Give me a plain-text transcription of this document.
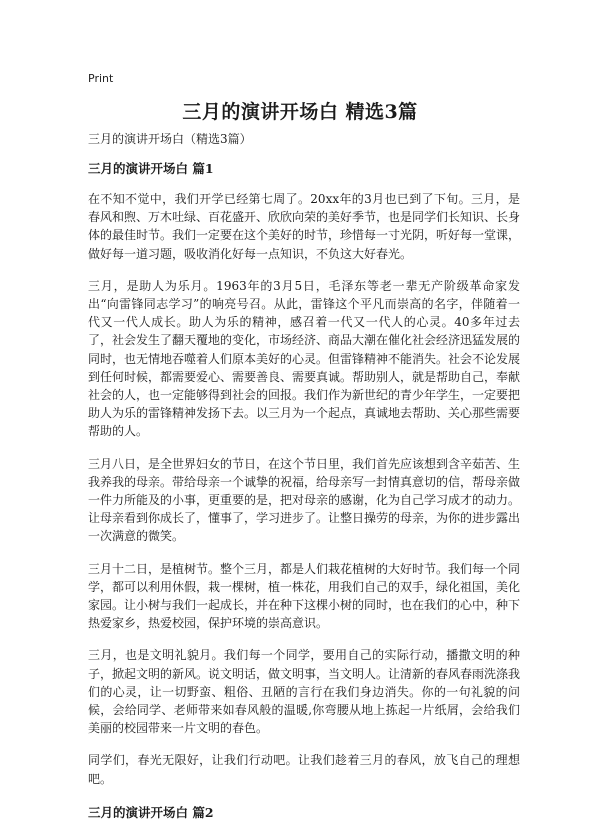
Print

三月的演讲开场白 精选3篇

三月的演讲开场白（精选3篇）

三月的演讲开场白 篇1

在不知不觉中，我们开学已经第七周了。20xx年的3月也已到了下旬。三月，是春风和煦、万木吐绿、百花盛开、欣欣向荣的美好季节，也是同学们长知识、长身体的最佳时节。我们一定要在这个美好的时节，珍惜每一寸光阴，听好每一堂课，做好每一道习题，吸收消化好每一点知识，不负这大好春光。

三月，是助人为乐月。1963年的3月5日，毛泽东等老一辈无产阶级革命家发出“向雷锋同志学习”的响亮号召。从此，雷锋这个平凡而崇高的名字，伴随着一代又一代人成长。助人为乐的精神，感召着一代又一代人的心灵。40多年过去了，社会发生了翻天覆地的变化，市场经济、商品大潮在催化社会经济迅猛发展的同时，也无情地吞噬着人们原本美好的心灵。但雷锋精神不能消失。社会不论发展到任何时候，都需要爱心、需要善良、需要真诚。帮助别人，就是帮助自己，奉献社会的人，也一定能够得到社会的回报。我们作为新世纪的青少年学生，一定要把助人为乐的雷锋精神发扬下去。以三月为一个起点，真诚地去帮助、关心那些需要帮助的人。

三月八日，是全世界妇女的节日，在这个节日里，我们首先应该想到含辛茹苦、生我养我的母亲。带给母亲一个诚挚的祝福，给母亲写一封情真意切的信，帮母亲做一件力所能及的小事，更重要的是，把对母亲的感谢，化为自己学习成才的动力。让母亲看到你成长了，懂事了，学习进步了。让整日操劳的母亲，为你的进步露出一次满意的微笑。

三月十二日，是植树节。整个三月，都是人们栽花植树的大好时节。我们每一个同学，都可以利用休假，栽一棵树，植一株花，用我们自己的双手，绿化祖国，美化家园。让小树与我们一起成长，并在种下这棵小树的同时，也在我们的心中，种下热爱家乡，热爱校园，保护环境的崇高意识。

三月，也是文明礼貌月。我们每一个同学，要用自己的实际行动，播撒文明的种子，掀起文明的新风。说文明话，做文明事，当文明人。让清新的春风春雨洗涤我们的心灵，让一切野蛮、粗俗、丑陋的言行在我们身边消失。你的一句礼貌的问候，会给同学、老师带来如春风般的温暖,你弯腰从地上拣起一片纸屑，会给我们美丽的校园带来一片文明的春色。

同学们，春光无限好，让我们行动吧。让我们趁着三月的春风，放飞自己的理想吧。

三月的演讲开场白 篇2
